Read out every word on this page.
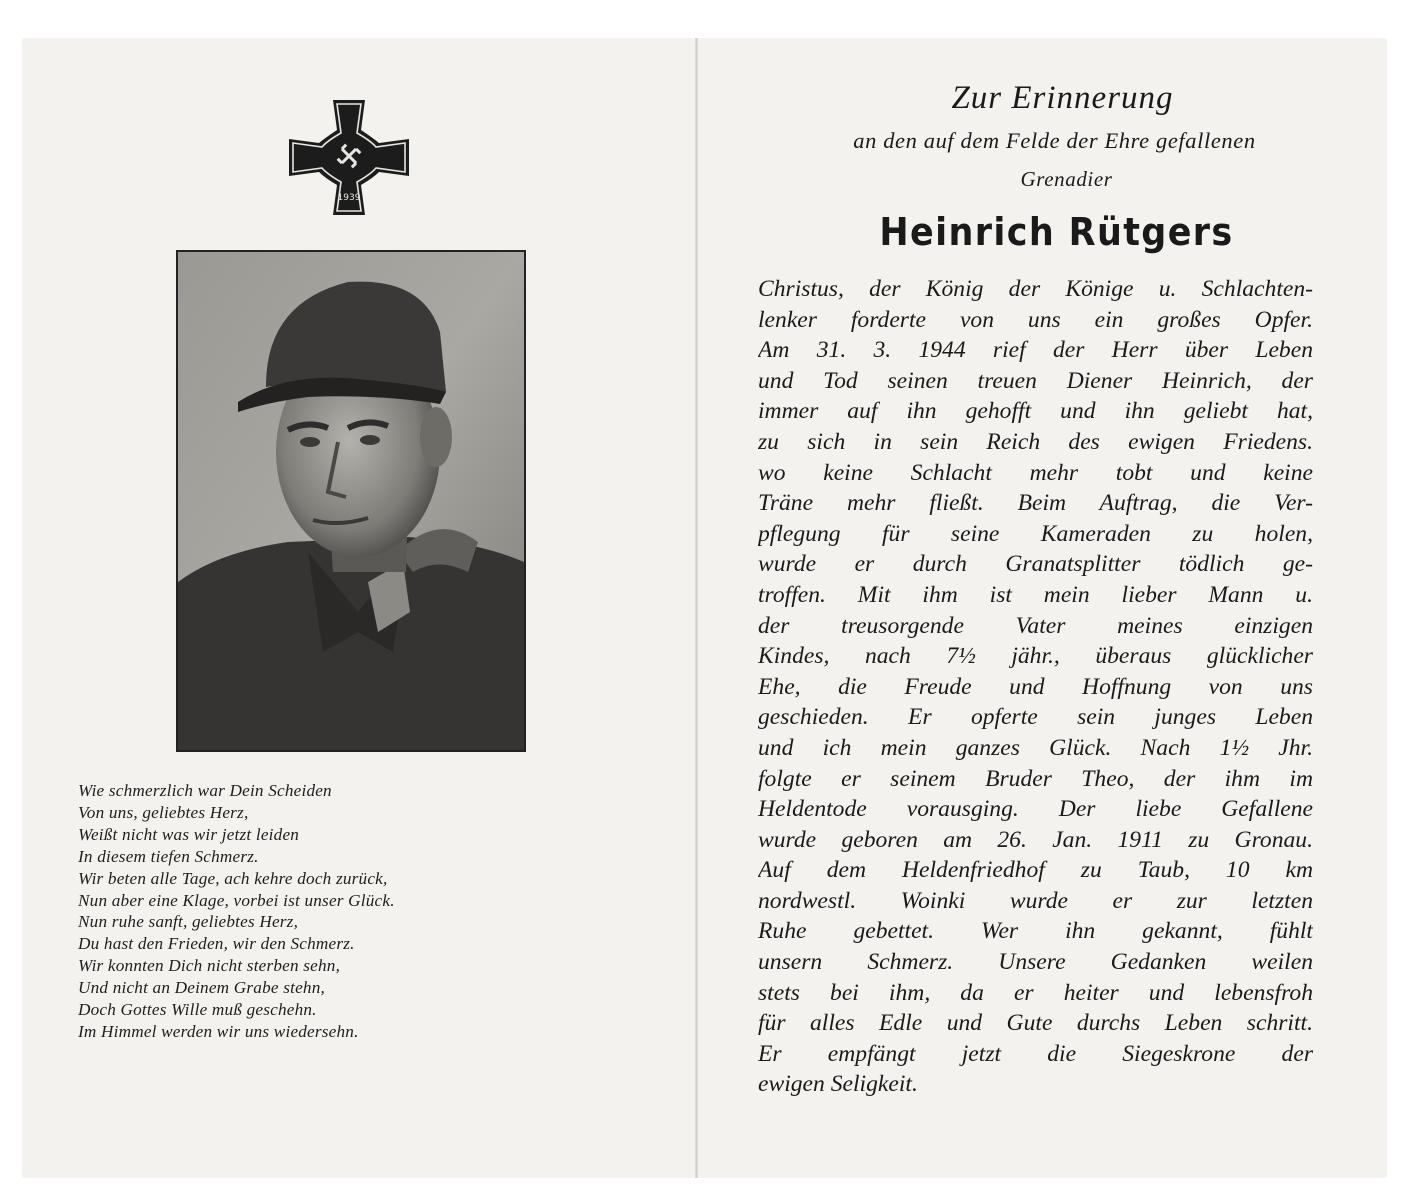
1939
Wie schmerzlich war Dein Scheiden
Von uns, geliebtes Herz,
Weißt nicht was wir jetzt leiden
In diesem tiefen Schmerz.
Wir beten alle Tage, ach kehre doch zurück,
Nun aber eine Klage, vorbei ist unser Glück.
Nun ruhe sanft, geliebtes Herz,
Du hast den Frieden, wir den Schmerz.
Wir konnten Dich nicht sterben sehn,
Und nicht an Deinem Grabe stehn,
Doch Gottes Wille muß geschehn.
Im Himmel werden wir uns wiedersehn.
Zur Erinnerung
an den auf dem Felde der Ehre gefallenen
Grenadier
Heinrich Rütgers
Christus, der König der Könige u. Schlachten-
lenker forderte von uns ein großes Opfer.
Am 31. 3. 1944 rief der Herr über Leben
und Tod seinen treuen Diener Heinrich, der
immer auf ihn gehofft und ihn geliebt hat,
zu sich in sein Reich des ewigen Friedens.
wo keine Schlacht mehr tobt und keine
Träne mehr fließt. Beim Auftrag, die Ver-
pflegung für seine Kameraden zu holen,
wurde er durch Granatsplitter tödlich ge-
troffen. Mit ihm ist mein lieber Mann u.
der treusorgende Vater meines einzigen
Kindes, nach 7½ jähr., überaus glücklicher
Ehe, die Freude und Hoffnung von uns
geschieden. Er opferte sein junges Leben
und ich mein ganzes Glück. Nach 1½ Jhr.
folgte er seinem Bruder Theo, der ihm im
Heldentode vorausging. Der liebe Gefallene
wurde geboren am 26. Jan. 1911 zu Gronau.
Auf dem Heldenfriedhof zu Taub, 10 km
nordwestl. Woinki wurde er zur letzten
Ruhe gebettet. Wer ihn gekannt, fühlt
unsern Schmerz. Unsere Gedanken weilen
stets bei ihm, da er heiter und lebensfroh
für alles Edle und Gute durchs Leben schritt.
Er empfängt jetzt die Siegeskrone der
ewigen Seligkeit.
